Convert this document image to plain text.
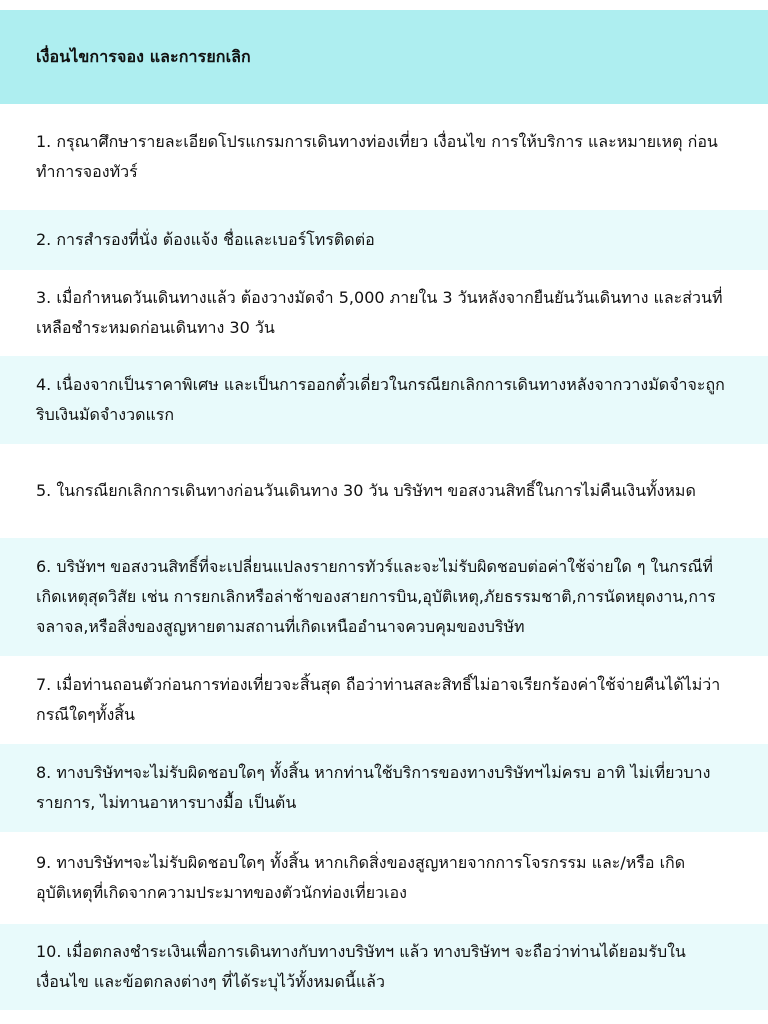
เงื่อนไขการจอง และการยกเลิก
1. กรุณาศึกษารายละเอียดโปรแกรมการเดินทางท่องเที่ยว เงื่อนไข การให้บริการ และหมายเหตุ ก่อนทำการจองทัวร์
2. การสำรองที่นั่ง ต้องแจ้ง ชื่อและเบอร์โทรติดต่อ
3. เมื่อกำหนดวันเดินทางแล้ว ต้องวางมัดจำ 5,000 ภายใน 3 วันหลังจากยืนยันวันเดินทาง และส่วนที่เหลือชำระหมดก่อนเดินทาง 30 วัน
4. เนื่องจากเป็นราคาพิเศษ และเป็นการออกตั๋วเดี่ยวในกรณียกเลิกการเดินทางหลังจากวางมัดจำจะถูกริบเงินมัดจำงวดแรก
5. ในกรณียกเลิกการเดินทางก่อนวันเดินทาง 30 วัน บริษัทฯ ขอสงวนสิทธิ์ในการไม่คืนเงินทั้งหมด
6. บริษัทฯ ขอสงวนสิทธิ์ที่จะเปลี่ยนแปลงรายการทัวร์และจะไม่รับผิดชอบต่อค่าใช้จ่ายใด ๆ ในกรณีที่เกิดเหตุสุดวิสัย เช่น การยกเลิกหรือล่าช้าของสายการบิน,อุบัติเหตุ,ภัยธรรมชาติ,การนัดหยุดงาน,การจลาจล,หรือสิ่งของสูญหายตามสถานที่เกิดเหนืออำนาจควบคุมของบริษัท
7. เมื่อท่านถอนตัวก่อนการท่องเที่ยวจะสิ้นสุด ถือว่าท่านสละสิทธิ์ไม่อาจเรียกร้องค่าใช้จ่ายคืนได้ไม่ว่ากรณีใดๆทั้งสิ้น
8. ทางบริษัทฯจะไม่รับผิดชอบใดๆ ทั้งสิ้น หากท่านใช้บริการของทางบริษัทฯไม่ครบ อาทิ ไม่เที่ยวบางรายการ, ไม่ทานอาหารบางมื้อ เป็นต้น
9. ทางบริษัทฯจะไม่รับผิดชอบใดๆ ทั้งสิ้น หากเกิดสิ่งของสูญหายจากการโจรกรรม และ/หรือ เกิดอุบัติเหตุที่เกิดจากความประมาทของตัวนักท่องเที่ยวเอง
10. เมื่อตกลงชำระเงินเพื่อการเดินทางกับทางบริษัทฯ แล้ว ทางบริษัทฯ จะถือว่าท่านได้ยอมรับในเงื่อนไข และข้อตกลงต่างๆ ที่ได้ระบุไว้ทั้งหมดนี้แล้ว
